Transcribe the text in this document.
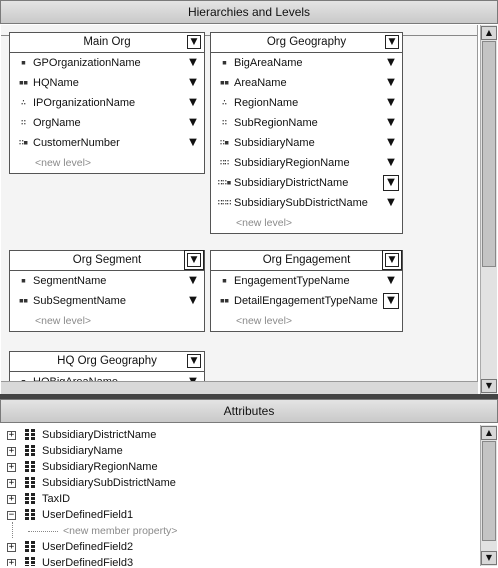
Hierarchies and Levels
Main Org	▼
▪ GPOrganizationName	▼
▪▪ HQName	▼
∴ IPOrganizationName	▼
∷ OrgName	▼
∷▪ CustomerNumber	▼
<new level>
Org Geography	▼
▪ BigAreaName	▼
▪▪ AreaName	▼
∴ RegionName	▼
∷ SubRegionName	▼
∷▪ SubsidiaryName	▼
∷∷ SubsidiaryRegionName	▼
∷∷▪ SubsidiaryDistrictName	▼
∷∷∷ SubsidiarySubDistrictName ▼
<new level>
Org Segment	▼
▪ SegmentName	▼
▪▪ SubSegmentName	▼
<new level>
Org Engagement	▼
▪ EngagementTypeName	▼
▪▪ DetailEngagementTypeName ▼
<new level>
HQ Org Geography	▼
▲
▼
Attributes
+	SubsidiaryDistrictName
+	SubsidiaryName
+	SubsidiaryRegionName
+	SubsidiarySubDistrictName
+	TaxID
−	UserDefinedField1
<new member property>
+	UserDefinedField2
+	UserDefinedField3
▲
▼
